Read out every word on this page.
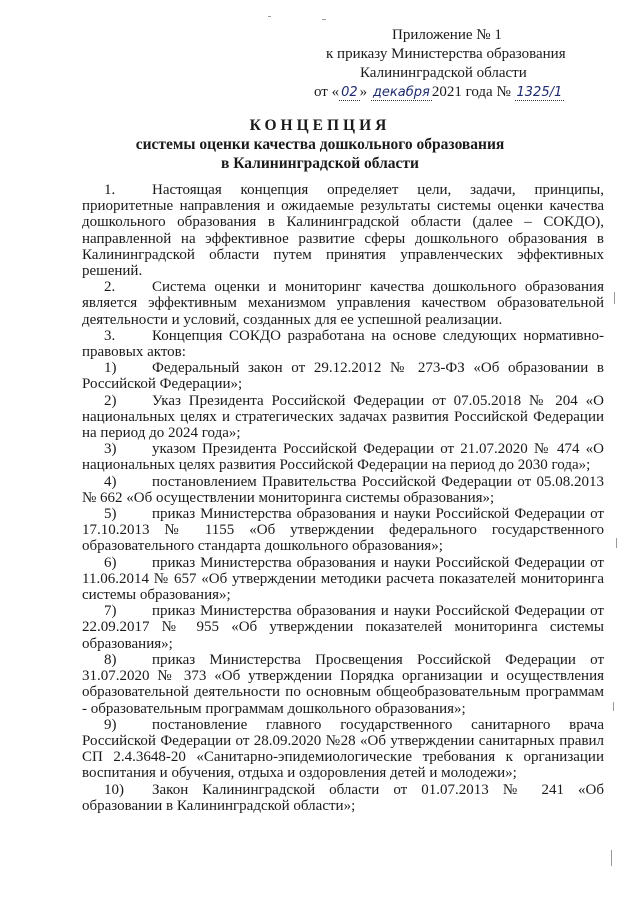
Приложение № 1
к приказу Министерства образования
Калининградской области
от « 02 » декабря 2021 года № 1325/1
КОНЦЕПЦИЯ
системы оценки качества дошкольного образования
в Калининградской области

1. Настоящая концепция определяет цели, задачи, принципы, приоритетные направления и ожидаемые результаты системы оценки качества дошкольного образования в Калининградской области (далее – СОКДО), направленной на эффективное развитие сферы дошкольного образования в Калининградской области путем принятия управленческих эффективных решений.

2. Система оценки и мониторинг качества дошкольного образования является эффективным механизмом управления качеством образовательной деятельности и условий, созданных для ее успешной реализации.

3. Концепция СОКДО разработана на основе следующих нормативно-правовых актов:

1) Федеральный закон от 29.12.2012 № 273-ФЗ «Об образовании в Российской Федерации»;

2) Указ Президента Российской Федерации от 07.05.2018 № 204 «О национальных целях и стратегических задачах развития Российской Федерации на период до 2024 года»;

3) указом Президента Российской Федерации от 21.07.2020 № 474 «О национальных целях развития Российской Федерации на период до 2030 года»;

4) постановлением Правительства Российской Федерации от 05.08.2013 № 662 «Об осуществлении мониторинга системы образования»;

5) приказ Министерства образования и науки Российской Федерации от 17.10.2013 № 1155 «Об утверждении федерального государственного образовательного стандарта дошкольного образования»;

6) приказ Министерства образования и науки Российской Федерации от 11.06.2014 № 657 «Об утверждении методики расчета показателей мониторинга системы образования»;

7) приказ Министерства образования и науки Российской Федерации от 22.09.2017 № 955 «Об утверждении показателей мониторинга системы образования»;

8) приказ Министерства Просвещения Российской Федерации от 31.07.2020 № 373 «Об утверждении Порядка организации и осуществления образовательной деятельности по основным общеобразовательным программам - образовательным программам дошкольного образования»;

9) постановление главного государственного санитарного врача Российской Федерации от 28.09.2020 №28 «Об утверждении санитарных правил СП 2.4.3648-20 «Санитарно-эпидемиологические требования к организации воспитания и обучения, отдыха и оздоровления детей и молодежи»;

10) Закон Калининградской области от 01.07.2013 № 241 «Об образовании в Калининградской области»;
